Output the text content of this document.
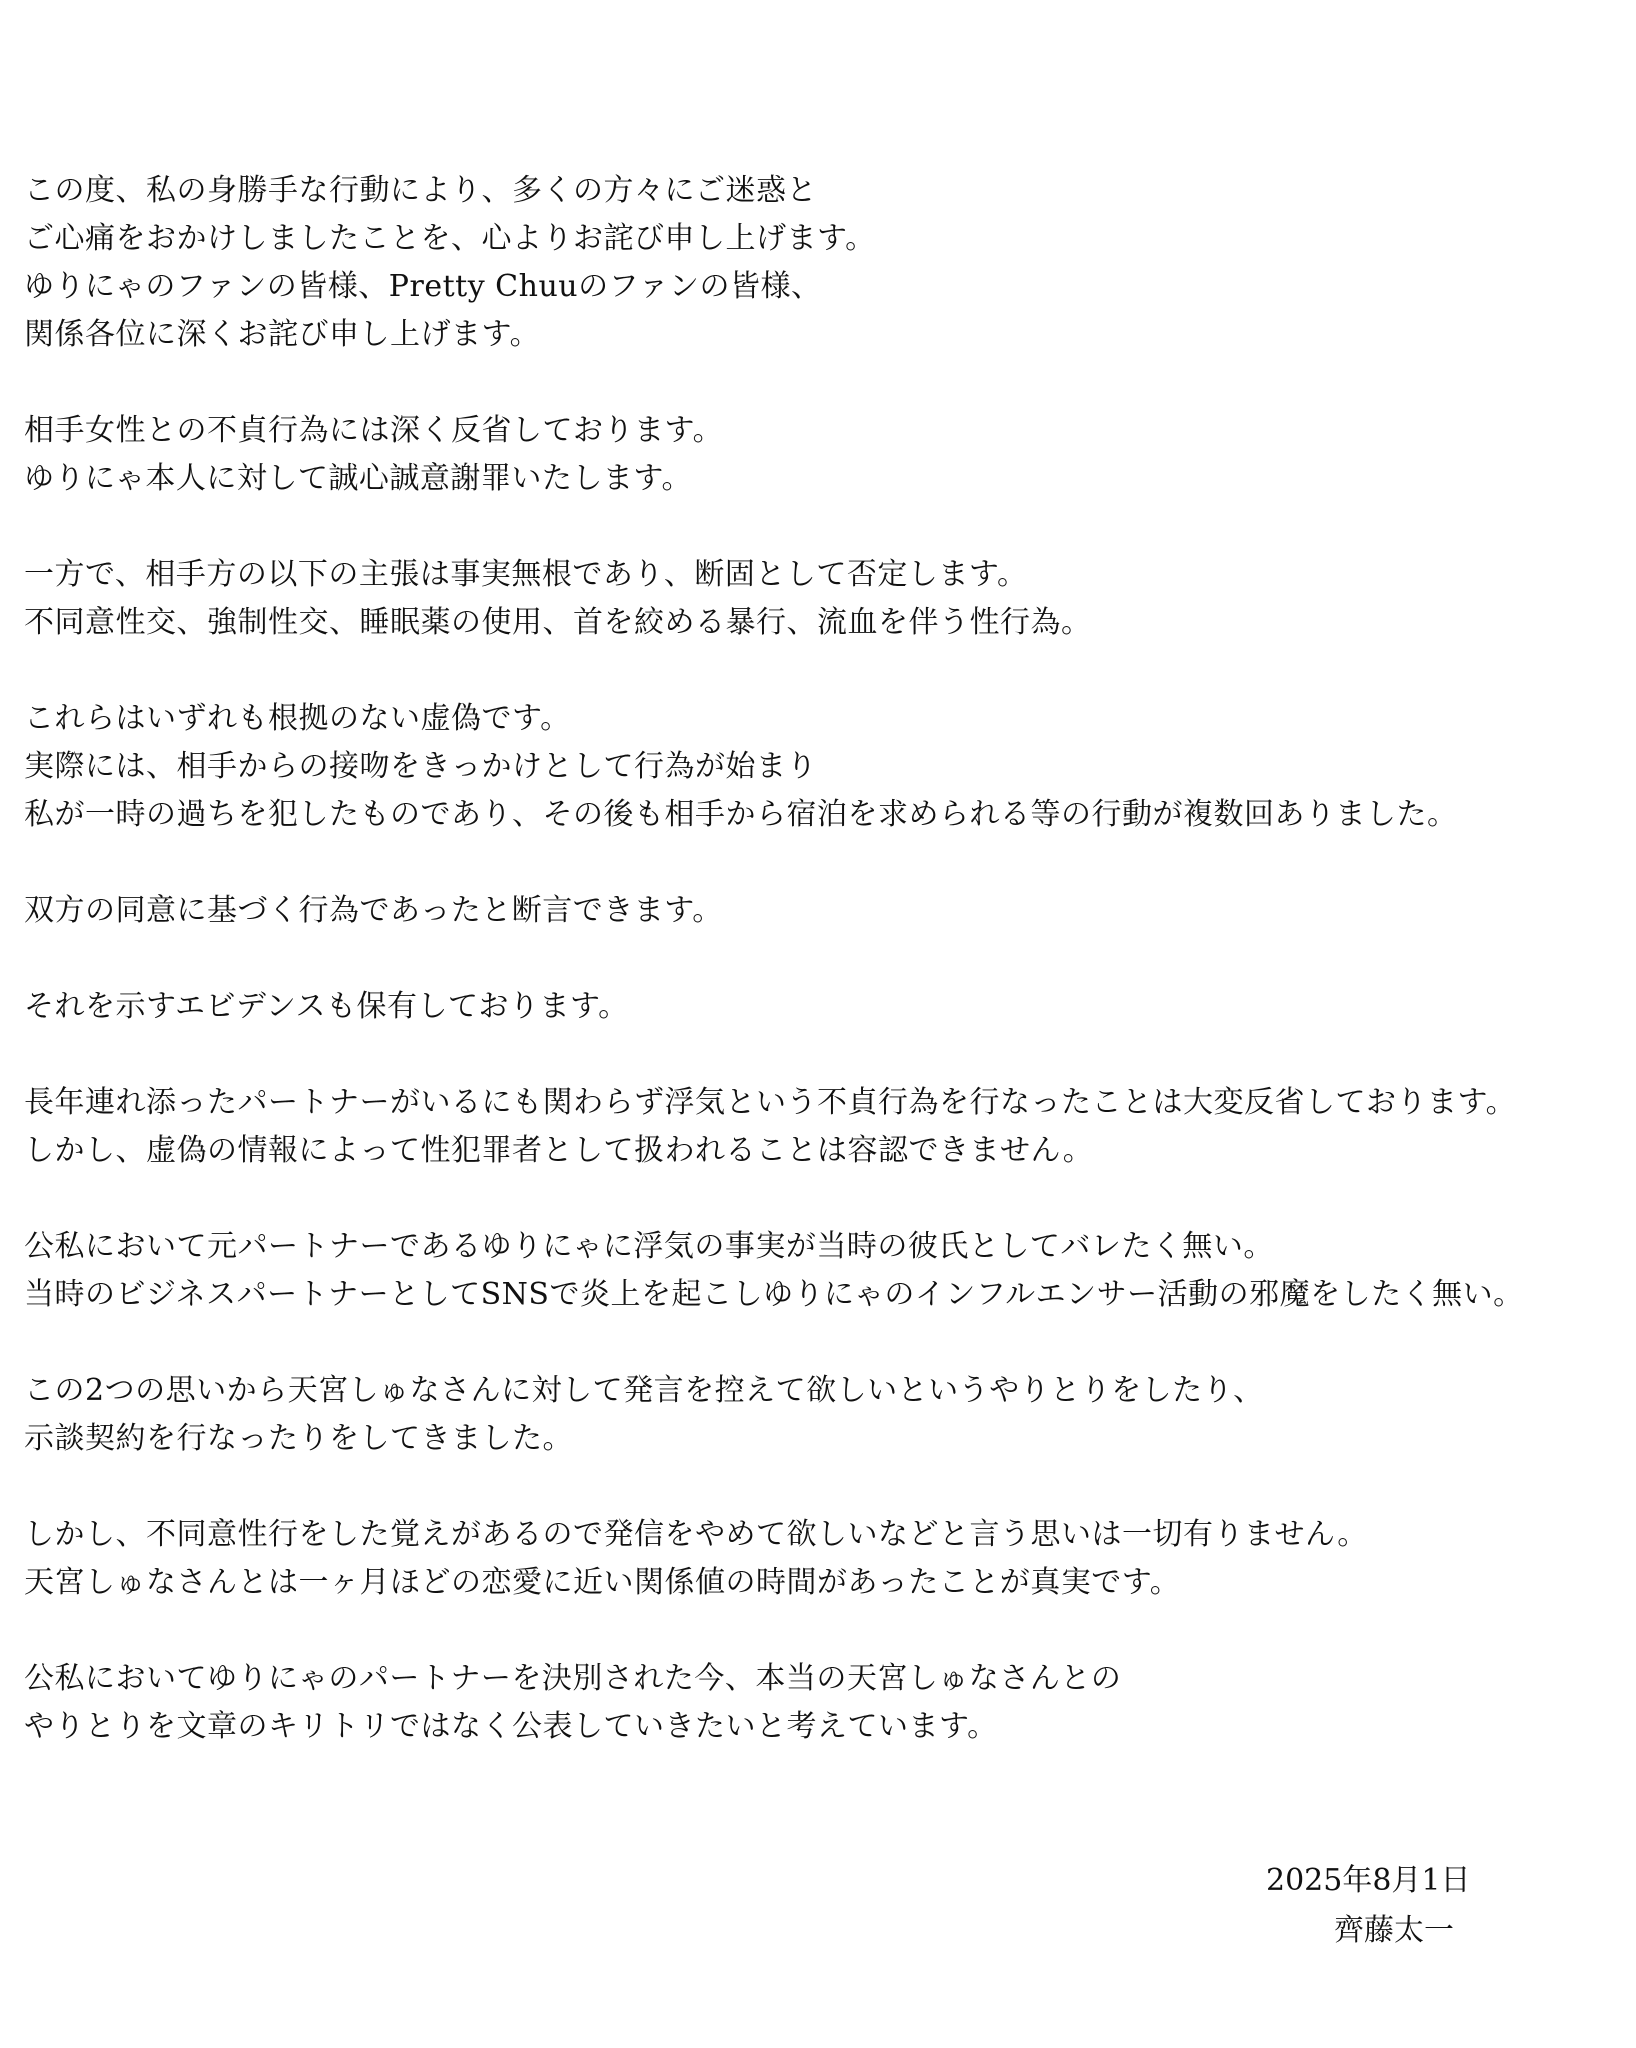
この度、私の身勝手な行動により、多くの方々にご迷惑と
ご心痛をおかけしましたことを、心よりお詫び申し上げます。
ゆりにゃのファンの皆様、Pretty Chuuのファンの皆様、
関係各位に深くお詫び申し上げます。
相手女性との不貞行為には深く反省しております。
ゆりにゃ本人に対して誠心誠意謝罪いたします。
一方で、相手方の以下の主張は事実無根であり、断固として否定します。
不同意性交、強制性交、睡眠薬の使用、首を絞める暴行、流血を伴う性行為。
これらはいずれも根拠のない虚偽です。
実際には、相手からの接吻をきっかけとして行為が始まり
私が一時の過ちを犯したものであり、その後も相手から宿泊を求められる等の行動が複数回ありました。
双方の同意に基づく行為であったと断言できます。
それを示すエビデンスも保有しております。
長年連れ添ったパートナーがいるにも関わらず浮気という不貞行為を行なったことは大変反省しております。
しかし、虚偽の情報によって性犯罪者として扱われることは容認できません。
公私において元パートナーであるゆりにゃに浮気の事実が当時の彼氏としてバレたく無い。
当時のビジネスパートナーとしてSNSで炎上を起こしゆりにゃのインフルエンサー活動の邪魔をしたく無い。
この2つの思いから天宮しゅなさんに対して発言を控えて欲しいというやりとりをしたり、
示談契約を行なったりをしてきました。
しかし、不同意性行をした覚えがあるので発信をやめて欲しいなどと言う思いは一切有りません。
天宮しゅなさんとは一ヶ月ほどの恋愛に近い関係値の時間があったことが真実です。
公私においてゆりにゃのパートナーを決別された今、本当の天宮しゅなさんとの
やりとりを文章のキリトリではなく公表していきたいと考えています。
2025年8月1日
齊藤太一
